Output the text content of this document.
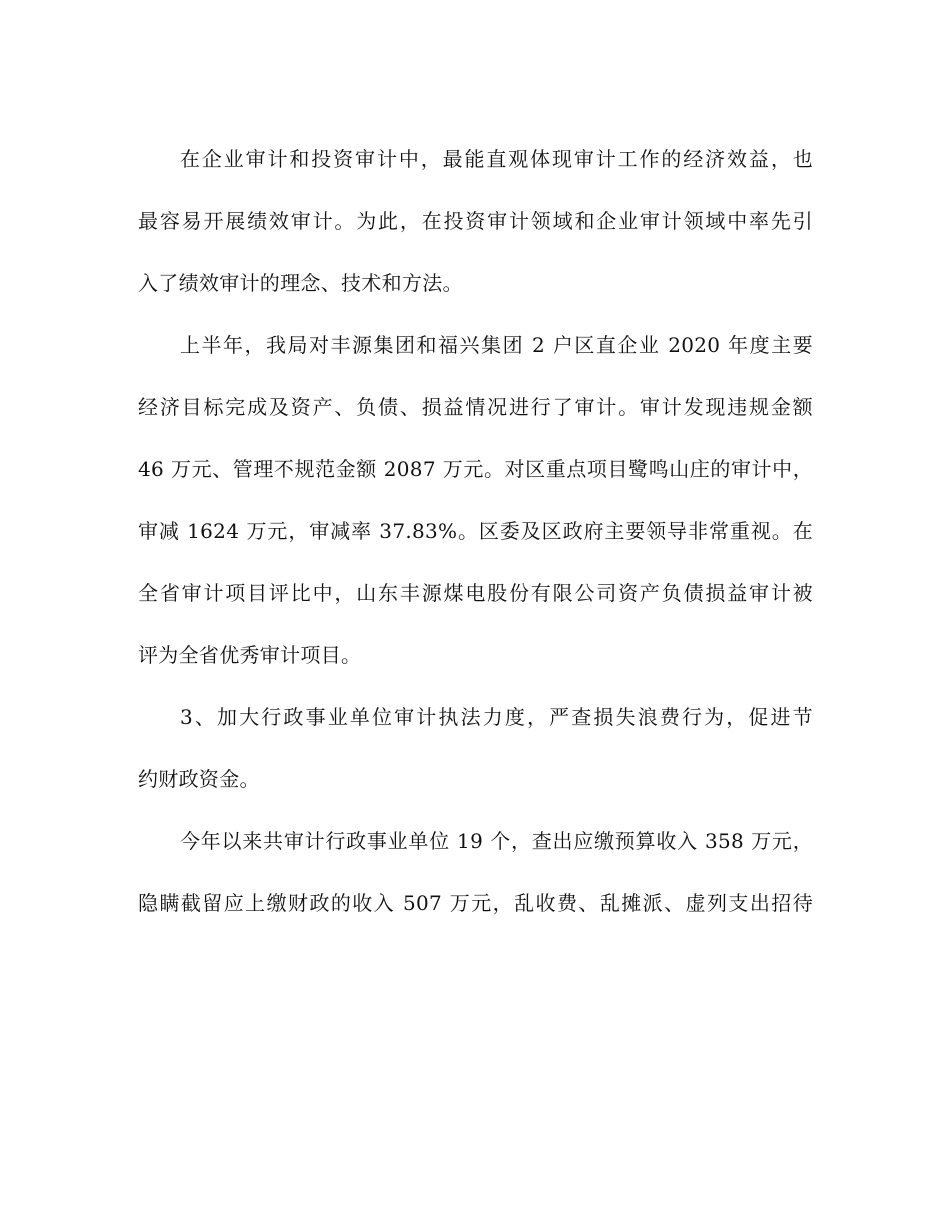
在企业审计和投资审计中，最能直观体现审计工作的经济效益，也
最容易开展绩效审计。为此，在投资审计领域和企业审计领域中率先引
入了绩效审计的理念、技术和方法。
上半年，我局对丰源集团和福兴集团 2 户区直企业 2020 年度主要
经济目标完成及资产、负债、损益情况进行了审计。审计发现违规金额
46 万元、管理不规范金额 2087 万元。对区重点项目鹭鸣山庄的审计中，
审减 1624 万元，审减率 37.83%。区委及区政府主要领导非常重视。在
全省审计项目评比中，山东丰源煤电股份有限公司资产负债损益审计被
评为全省优秀审计项目。
3、加大行政事业单位审计执法力度，严查损失浪费行为，促进节
约财政资金。
今年以来共审计行政事业单位 19 个，查出应缴预算收入 358 万元，
隐瞒截留应上缴财政的收入 507 万元，乱收费、乱摊派、虚列支出招待
